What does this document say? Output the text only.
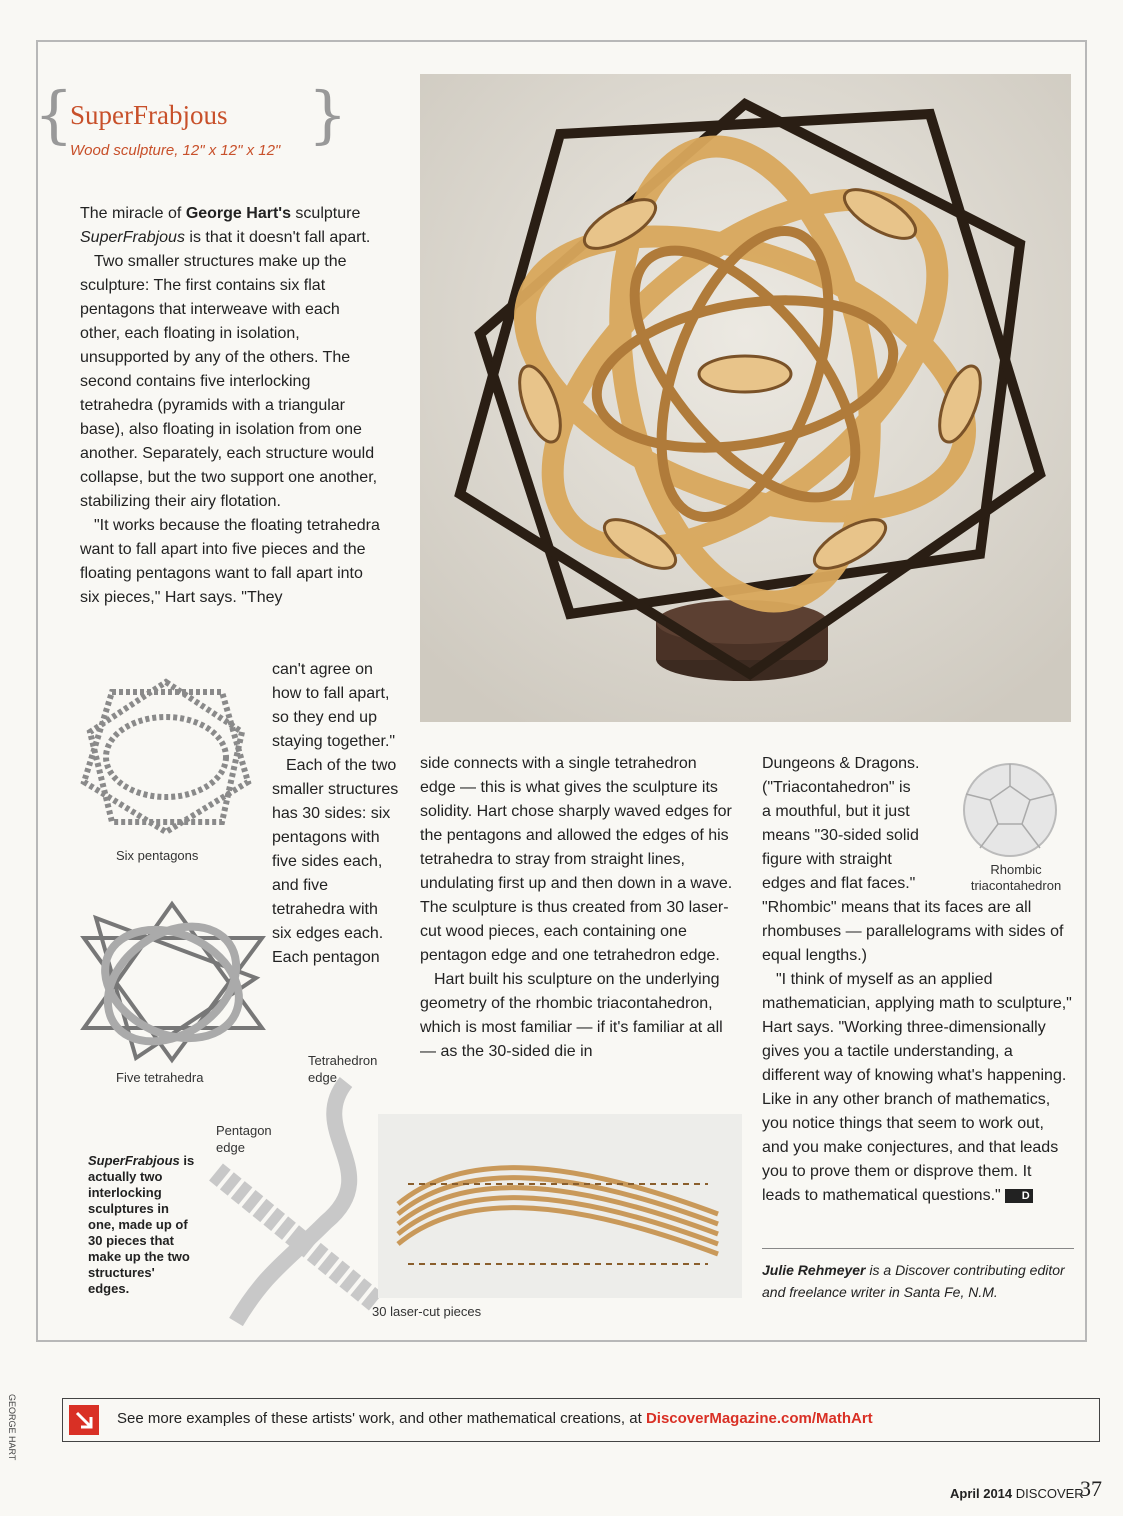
{	}
SuperFrabjous
Wood sculpture, 12" x 12" x 12"

The miracle of George Hart's sculpture SuperFrabjous is that it doesn't fall apart.

Two smaller structures make up the sculpture: The first contains six flat pentagons that interweave with each other, each floating in isolation, unsupported by any of the others. The second contains five interlocking tetrahedra (pyramids with a triangular base), also floating in isolation from one another. Separately, each structure would collapse, but the two support one another, stabilizing their airy flotation.

"It works because the floating tetrahedra want to fall apart into five pieces and the floating pentagons want to fall apart into six pieces," Hart says. "They

can't agree on how to fall apart, so they end up staying together."

Each of the two smaller structures has 30 sides: six pentagons with five sides each, and five tetrahedra with six edges each. Each pentagon

Six pentagons
Five tetrahedra

side connects with a single tetrahedron edge — this is what gives the sculpture its solidity. Hart chose sharply waved edges for the pentagons and allowed the edges of his tetrahedra to stray from straight lines, undulating first up and then down in a wave. The sculpture is thus created from 30 laser-cut wood pieces, each containing one pentagon edge and one tetrahedron edge.

Hart built his sculpture on the underlying geometry of the rhombic triacontahedron, which is most familiar — if it's familiar at all — as the 30-sided die in

Dungeons & Dragons. ("Triacontahedron" is a mouthful, but it just means "30-sided solid figure with straight edges and flat faces."

"Rhombic" means that its faces are all rhombuses — parallelograms with sides of equal lengths.)

"I think of myself as an applied mathematician, applying math to sculpture," Hart says. "Working three-dimensionally gives you a tactile understanding, a different way of knowing what's happening. Like in any other branch of mathematics, you notice things that seem to work out, and you make conjectures, and that leads you to prove them or disprove them. It leads to mathematical questions." D

Rhombic triacontahedron
Tetrahedron edge
Pentagon edge
SuperFrabjous is actually two interlocking sculptures in one, made up of 30 pieces that make up the two structures' edges.
30 laser-cut pieces
Julie Rehmeyer is a Discover contributing editor and freelance writer in Santa Fe, N.M.
GEORGE HART	See more examples of these artists' work, and other mathematical creations, at DiscoverMagazine.com/MathArt
April 2014 DISCOVER
37
